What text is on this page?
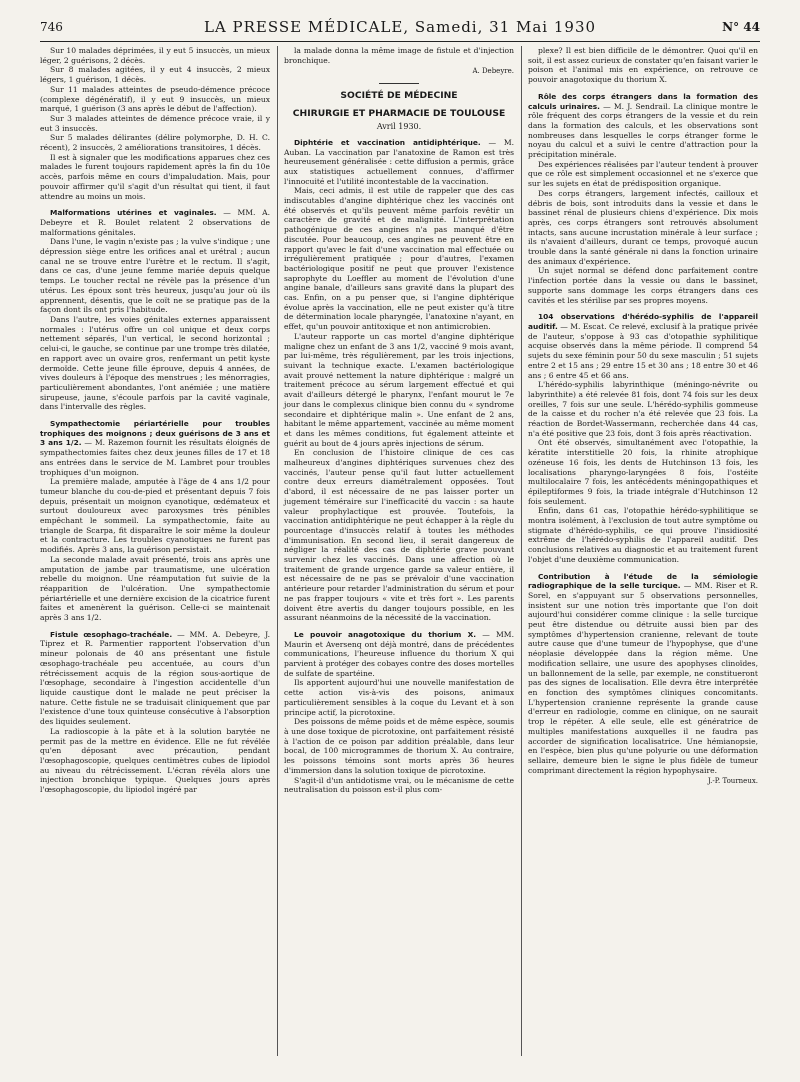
746	LA PRESSE MÉDICALE, Samedi, 31 Mai 1930	N° 44

Sur 10 malades déprimées, il y eut 5 insuccès, un mieux léger, 2 guérisons, 2 décès.

Sur 8 malades agitées, il y eut 4 insuccès, 2 mieux légers, 1 guérison, 1 décès.

Sur 11 malades atteintes de pseudo-démence précoce (complexe dégénératif), il y eut 9 insuccès, un mieux marqué, 1 guérison (3 ans après le début de l'affection).

Sur 3 malades atteintes de démence précoce vraie, il y eut 3 insuccès.

Sur 5 malades délirantes (délire polymorphe, D. H. C. récent), 2 insuccès, 2 améliorations transitoires, 1 décès.

Il est à signaler que les modifications apparues chez ces malades le furent toujours rapidement après la fin du 10e accès, parfois même en cours d'impaludation. Mais, pour pouvoir affirmer qu'il s'agit d'un résultat qui tient, il faut attendre au moins un mois.

Malformations utérines et vaginales. — MM. A. Debeyre et R. Boulet relatent 2 observations de malformations génitales.

Dans l'une, le vagin n'existe pas ; la vulve s'indique ; une dépression siège entre les orifices anal et urétral ; aucun canal ne se trouve entre l'urètre et le rectum. Il s'agit, dans ce cas, d'une jeune femme mariée depuis quelque temps. Le toucher rectal ne révèle pas la présence d'un utérus. Les époux sont très heureux, jusqu'au jour où ils apprennent, désentis, que le coït ne se pratique pas de la façon dont ils ont pris l'habitude.

Dans l'autre, les voies génitales externes apparaissent normales : l'utérus offre un col unique et deux corps nettement séparés, l'un vertical, le second horizontal ; celui-ci, le gauche, se continue par une trompe très dilatée, en rapport avec un ovaire gros, renfermant un petit kyste dermoïde. Cette jeune fille éprouve, depuis 4 années, de vives douleurs à l'époque des menstrues ; les ménorragies, particulièrement abondantes, l'ont anémiée ; une matière sirupeuse, jaune, s'écoule parfois par la cavité vaginale, dans l'intervalle des règles.

Sympathectomie périartérielle pour troubles trophiques des moignons ; deux guérisons de 3 ans et 3 ans 1/2. — M. Razemon fournit les résultats éloignés de sympathectomies faites chez deux jeunes filles de 17 et 18 ans entrées dans le service de M. Lambret pour troubles trophiques d'un moignon.

La première malade, amputée à l'âge de 4 ans 1/2 pour tumeur blanche du cou-de-pied et présentant depuis 7 fois depuis, présentait un moignon cyanotique, œdémateux et surtout douloureux avec paroxysmes très pénibles empêchant le sommeil. La sympathectomie, faite au triangle de Scarpa, fit disparaître le soir même la douleur et la contracture. Les troubles cyanotiques ne furent pas modifiés. Après 3 ans, la guérison persistait.

La seconde malade avait présenté, trois ans après une amputation de jambe par traumatisme, une ulcération rebelle du moignon. Une réamputation fut suivie de la réapparition de l'ulcération. Une sympathectomie périartérielle et une dernière excision de la cicatrice furent faites et amenèrent la guérison. Celle-ci se maintenait après 3 ans 1/2.

Fistule œsophago-trachéale. — MM. A. Debeyre, J. Tiprez et R. Parmentier rapportent l'observation d'un mineur polonais de 40 ans présentant une fistule œsophago-trachéale peu accentuée, au cours d'un rétrécissement acquis de la région sous-aortique de l'œsophage, secondaire à l'ingestion accidentelle d'un liquide caustique dont le malade ne peut préciser la nature. Cette fistule ne se traduisait cliniquement que par l'existence d'une toux quinteuse consécutive à l'absorption des liquides seulement.

La radioscopie à la pâte et à la solution barytée ne permit pas de la mettre en évidence. Elle ne fut révélée qu'en déposant avec précaution, pendant l'œsophagoscopie, quelques centimètres cubes de lipiodol au niveau du rétrécissement. L'écran révéla alors une injection bronchique typique. Quelques jours après l'œsophagoscopie, du lipiodol ingéré par

la malade donna la même image de fistule et d'injection bronchique.

A. Debeyre.

SOCIÉTÉ DE MÉDECINE
CHIRURGIE ET PHARMACIE DE TOULOUSE
Avril 1930.

Diphtérie et vaccination antidiphtérique. — M. Auban. La vaccination par l'anatoxine de Ramon est très heureusement généralisée : cette diffusion a permis, grâce aux statistiques actuellement connues, d'affirmer l'innocuité et l'utilité incontestable de la vaccination.

Mais, ceci admis, il est utile de rappeler que des cas indiscutables d'angine diphtérique chez les vaccinés ont été observés et qu'ils peuvent même parfois revêtir un caractère de gravité et de malignité. L'interprétation pathogénique de ces angines n'a pas manqué d'être discutée. Pour beaucoup, ces angines ne peuvent être en rapport qu'avec le fait d'une vaccination mal effectuée ou irrégulièrement pratiquée ; pour d'autres, l'examen bactériologique positif ne peut que prouver l'existence saprophyte du Loeffler au moment de l'évolution d'une angine banale, d'ailleurs sans gravité dans la plupart des cas. Enfin, on a pu penser que, si l'angine diphtérique évolue après la vaccination, elle ne peut exister qu'à titre de détermination locale pharyngée, l'anatoxine n'ayant, en effet, qu'un pouvoir antitoxique et non antimicrobien.

L'auteur rapporte un cas mortel d'angine diphtérique maligne chez un enfant de 3 ans 1/2, vacciné 9 mois avant, par lui-même, très régulièrement, par les trois injections, suivant la technique exacte. L'examen bactériologique avait prouvé nettement la nature diphtérique : malgré un traitement précoce au sérum largement effectué et qui avait d'ailleurs détergé le pharynx, l'enfant mourut le 7e jour dans le complexus clinique bien connu du « syndrome secondaire et diphtérique malin ». Une enfant de 2 ans, habitant le même appartement, vaccinée au même moment et dans les mêmes conditions, fut également atteinte et guérit au bout de 4 jours après injections de sérum.

En conclusion de l'histoire clinique de ces cas malheureux d'angines diphtériques survenues chez des vaccinés, l'auteur pense qu'il faut lutter actuellement contre deux erreurs diamétralement opposées. Tout d'abord, il est nécessaire de ne pas laisser porter un jugement téméraire sur l'inefficacité du vaccin : sa haute valeur prophylactique est prouvée. Toutefois, la vaccination antidiphtérique ne peut échapper à la règle du pourcentage d'insuccès relatif à toutes les méthodes d'immunisation. En second lieu, il serait dangereux de négliger la réalité des cas de diphtérie grave pouvant survenir chez les vaccinés. Dans une affection où le traitement de grande urgence garde sa valeur entière, il est nécessaire de ne pas se prévaloir d'une vaccination antérieure pour retarder l'administration du sérum et pour ne pas frapper toujours « vite et très fort ». Les parents doivent être avertis du danger toujours possible, en les assurant néanmoins de la nécessité de la vaccination.

Le pouvoir anagotoxique du thorium X. — MM. Maurin et Aversenq ont déjà montré, dans de précédentes communications, l'heureuse influence du thorium X qui parvient à protéger des cobayes contre des doses mortelles de sulfate de spartéine.

Ils apportent aujourd'hui une nouvelle manifestation de cette action vis-à-vis des poisons, animaux particulièrement sensibles à la coque du Levant et à son principe actif, la picrotoxine.

Des poissons de même poids et de même espèce, soumis à une dose toxique de picrotoxine, ont parfaitement résisté à l'action de ce poison par addition préalable, dans leur bocal, de 100 microgrammes de thorium X. Au contraire, les poissons témoins sont morts après 36 heures d'immersion dans la solution toxique de picrotoxine.

S'agit-il d'un antidotisme vrai, ou le mécanisme de cette neutralisation du poisson est-il plus com-

plexe? Il est bien difficile de le démontrer. Quoi qu'il en soit, il est assez curieux de constater qu'en faisant varier le poison et l'animal mis en expérience, on retrouve ce pouvoir anagotoxique du thorium X.

Rôle des corps étrangers dans la formation des calculs urinaires. — M. J. Sendrail. La clinique montre le rôle fréquent des corps étrangers de la vessie et du rein dans la formation des calculs, et les observations sont nombreuses dans lesquelles le corps étranger forme le noyau du calcul et a suivi le centre d'attraction pour la précipitation minérale.

Des expériences réalisées par l'auteur tendent à prouver que ce rôle est simplement occasionnel et ne s'exerce que sur les sujets en état de prédisposition organique.

Des corps étrangers, largement infectés, cailloux et débris de bois, sont introduits dans la vessie et dans le bassinet rénal de plusieurs chiens d'expérience. Dix mois après, ces corps étrangers sont retrouvés absolument intacts, sans aucune incrustation minérale à leur surface ; ils n'avaient d'ailleurs, durant ce temps, provoqué aucun trouble dans la santé générale ni dans la fonction urinaire des animaux d'expérience.

Un sujet normal se défend donc parfaitement contre l'infection portée dans la vessie ou dans le bassinet, supporte sans dommage les corps étrangers dans ces cavités et les stérilise par ses propres moyens.

104 observations d'hérédo-syphilis de l'appareil auditif. — M. Escat. Ce relevé, exclusif à la pratique privée de l'auteur, s'oppose à 93 cas d'otopathie syphilitique acquise observés dans la même période. Il comprend 54 sujets du sexe féminin pour 50 du sexe masculin ; 51 sujets entre 2 et 15 ans ; 29 entre 15 et 30 ans ; 18 entre 30 et 46 ans ; 6 entre 45 et 66 ans.

L'hérédo-syphilis labyrinthique (méningo-névrite ou labyrinthite) a été relevée 81 fois, dont 74 fois sur les deux oreilles, 7 fois sur une seule. L'hérédo-syphilis gommeuse de la caisse et du rocher n'a été relevée que 23 fois. La réaction de Bordet-Wassermann, recherchée dans 44 cas, n'a été positive que 23 fois, dont 3 fois après réactivation.

Ont été observés, simultanément avec l'otopathie, la kératite interstitielle 20 fois, la rhinite atrophique ozéneuse 16 fois, les dents de Hutchinson 13 fois, les localisations pharyngo-laryngées 8 fois, l'ostéite multilocalaire 7 fois, les antécédents méningopathiques et épileptiformes 9 fois, la triade intégrale d'Hutchinson 12 fois seulement.

Enfin, dans 61 cas, l'otopathie hérédo-syphilitique se montra isolément, à l'exclusion de tout autre symptôme ou stigmate d'hérédo-syphilis, ce qui prouve l'insidiosité extrême de l'hérédo-syphilis de l'appareil auditif. Des conclusions relatives au diagnostic et au traitement furent l'objet d'une deuxième communication.

Contribution à l'étude de la sémiologie radiographique de la selle turcique. — MM. Riser et R. Sorel, en s'appuyant sur 5 observations personnelles, insistent sur une notion très importante que l'on doit aujourd'hui considérer comme clinique : la selle turcique peut être distendue ou détruite aussi bien par des symptômes d'hypertension cranienne, relevant de toute autre cause que d'une tumeur de l'hypophyse, que d'une néoplasie développée dans la région même. Une modification sellaire, une usure des apophyses clinoïdes, un ballonnement de la selle, par exemple, ne constitueront pas des signes de localisation. Elle devra être interprétée en fonction des symptômes cliniques concomitants. L'hypertension cranienne représente la grande cause d'erreur en radiologie, comme en clinique, on ne saurait trop le répéter. A elle seule, elle est génératrice de multiples manifestations auxquelles il ne faudra pas accorder de signification localisatrice. Une hémianopsie, en l'espèce, bien plus qu'une polyurie ou une déformation sellaire, demeure bien le signe le plus fidèle de tumeur comprimant directement la région hypophysaire.

J.-P. Tourneux.
